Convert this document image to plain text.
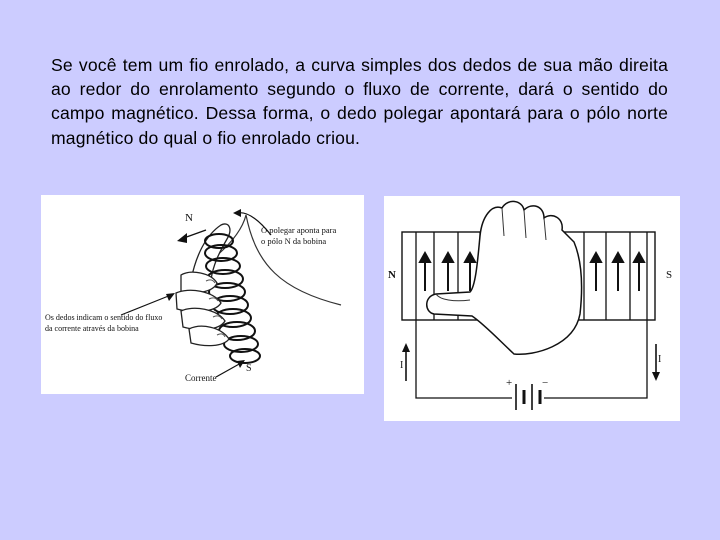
Se você tem um fio enrolado, a curva simples dos dedos de sua mão direita ao redor do enrolamento segundo o fluxo de corrente, dará o sentido do campo magnético. Dessa forma, o dedo polegar apontará para o pólo norte magnético do qual o fio enrolado criou.
N
O polegar aponta para
o pólo N da bobina
Os dedos indicam o sentido do fluxo
da corrente através da bobina
S
Corrente
N	S
+	−
I
I
